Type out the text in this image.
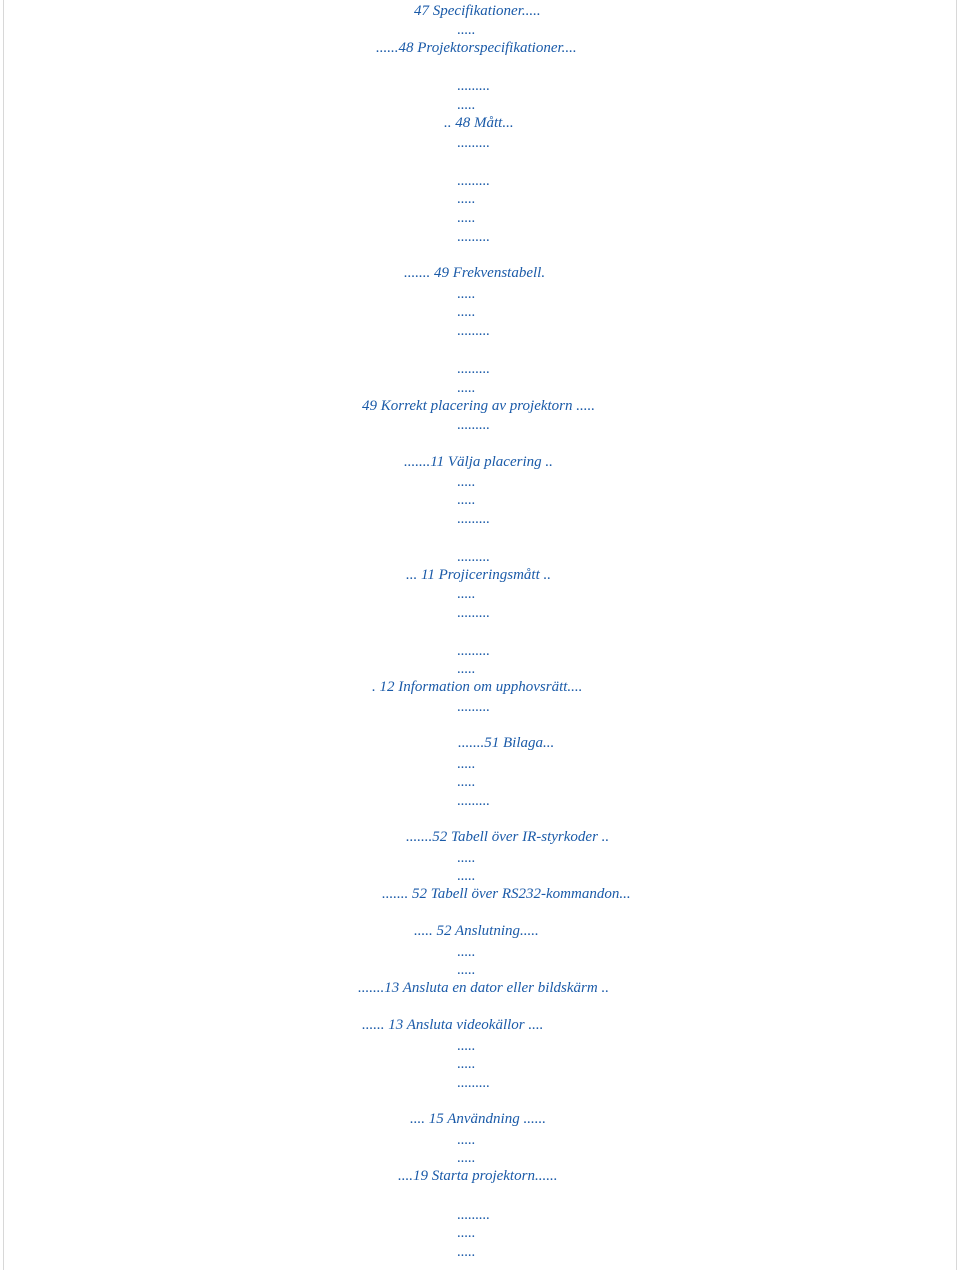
47 Specifikationer.....
.....
......48 Projektorspecifikationer....
.........
.....
.. 48 Mått...
.........
.........
.....
.....
.........
....... 49 Frekvenstabell.
.....
.....
.........
.........
.....
49 Korrekt placering av projektorn .....
.........
.......11 Välja placering ..
.....
.....
.........
.........
... 11 Projiceringsmått ..
.....
.........
.........
.....
. 12 Information om upphovsrätt....
.........
.......51 Bilaga...
.....
.....
.........
.......52 Tabell över IR-styrkoder ..
.....
.....
....... 52 Tabell över RS232-kommandon...
..... 52 Anslutning.....
.....
.....
.......13 Ansluta en dator eller bildskärm ..
...... 13 Ansluta videokällor ....
.....
.....
.........
.... 15 Användning ......
.....
.....
....19 Starta projektorn......
.........
.....
.....
